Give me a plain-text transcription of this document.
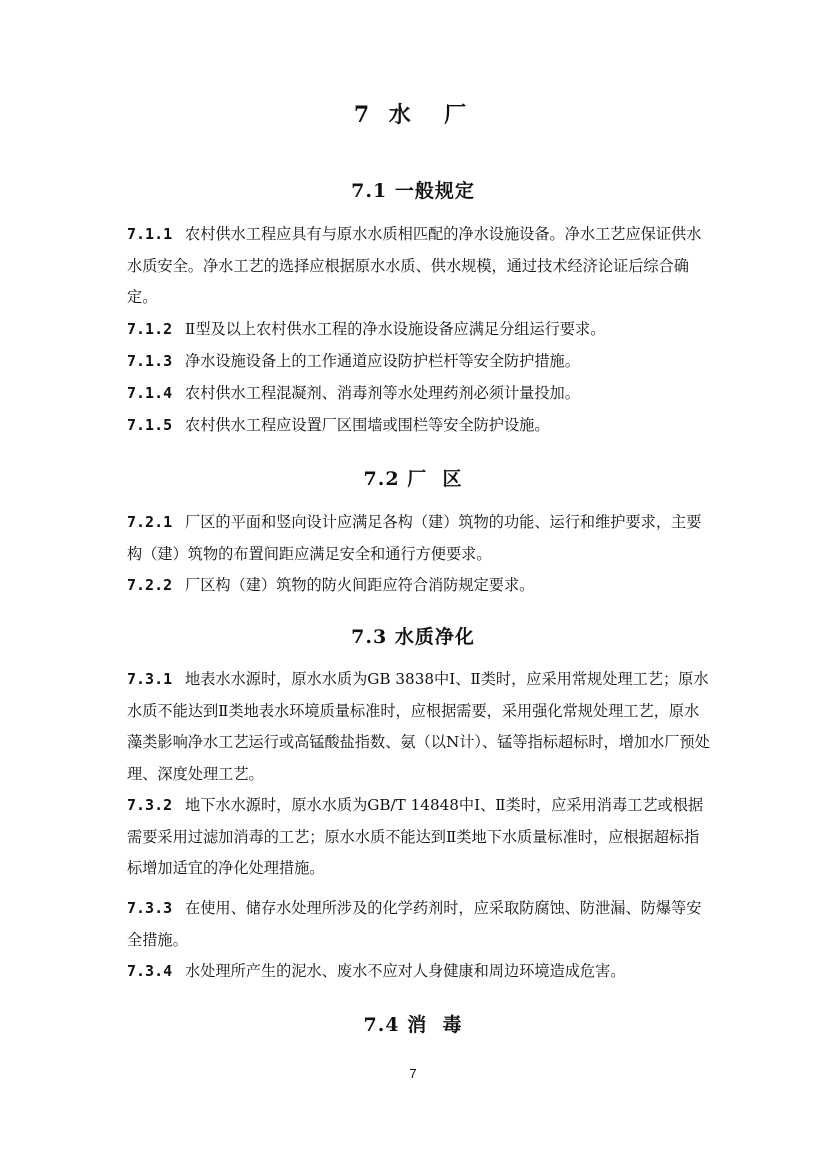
7 水  厂
7.1 一般规定
7.1.1 农村供水工程应具有与原水水质相匹配的净水设施设备。净水工艺应保证供水水质安全。净水工艺的选择应根据原水水质、供水规模，通过技术经济论证后综合确定。
7.1.2 Ⅱ型及以上农村供水工程的净水设施设备应满足分组运行要求。
7.1.3 净水设施设备上的工作通道应设防护栏杆等安全防护措施。
7.1.4 农村供水工程混凝剂、消毒剂等水处理药剂必须计量投加。
7.1.5 农村供水工程应设置厂区围墙或围栏等安全防护设施。
7.2 厂  区
7.2.1 厂区的平面和竖向设计应满足各构（建）筑物的功能、运行和维护要求，主要构（建）筑物的布置间距应满足安全和通行方便要求。
7.2.2 厂区构（建）筑物的防火间距应符合消防规定要求。
7.3 水质净化
7.3.1 地表水水源时，原水水质为GB 3838中Ⅰ、Ⅱ类时，应采用常规处理工艺；原水水质不能达到Ⅱ类地表水环境质量标准时，应根据需要，采用强化常规处理工艺，原水藻类影响净水工艺运行或高锰酸盐指数、氨（以N计）、锰等指标超标时，增加水厂预处理、深度处理工艺。
7.3.2 地下水水源时，原水水质为GB/T 14848中Ⅰ、Ⅱ类时，应采用消毒工艺或根据需要采用过滤加消毒的工艺；原水水质不能达到Ⅱ类地下水质量标准时，应根据超标指标增加适宜的净化处理措施。
7.3.3 在使用、储存水处理所涉及的化学药剂时，应采取防腐蚀、防泄漏、防爆等安全措施。
7.3.4 水处理所产生的泥水、废水不应对人身健康和周边环境造成危害。
7.4 消  毒
7
